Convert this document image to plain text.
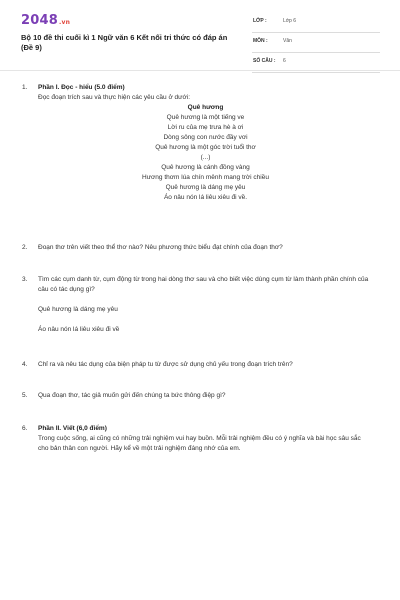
2048.vn
Bộ 10 đề thi cuối kì 1 Ngữ văn 6 Kết nối tri thức có đáp án (Đề 9)
LỚP :	Lớp 6
MÔN :	Văn
SỐ CÂU : 6
1. Phần I. Đọc - hiểu (5.0 điểm)
Đọc đoạn trích sau và thực hiện các yêu cầu ở dưới:
Quê hương
Quê hương là một tiếng ve
Lời ru của mẹ trưa hè à ơi
Dòng sông con nước đầy vơi
Quê hương là một góc trời tuổi thơ
(...)
Quê hương là cánh đồng vàng
Hương thơm lúa chín mênh mang trời chiều
Quê hương là dáng mẹ yêu
Áo nâu nón lá liêu xiêu đi về.
2. Đoạn thơ trên viết theo thể thơ nào? Nêu phương thức biểu đạt chính của đoạn thơ?
3. Tìm các cụm danh từ, cụm động từ trong hai dòng thơ sau và cho biết việc dùng cụm từ làm thành phần chính của câu có tác dụng gì?
Quê hương là dáng mẹ yêu
Áo nâu nón lá liêu xiêu đi về
4. Chỉ ra và nêu tác dụng của biện pháp tu từ được sử dụng chủ yếu trong đoạn trích trên?
5. Qua đoạn thơ, tác giả muốn gửi đến chúng ta bức thông điệp gì?
6. Phần II. Viết (6,0 điểm)
Trong cuộc sống, ai cũng có những trải nghiệm vui hay buồn. Mỗi trải nghiệm đều có ý nghĩa và bài học sâu sắc cho bản thân con người. Hãy kể về một trải nghiệm đáng nhớ của em.
